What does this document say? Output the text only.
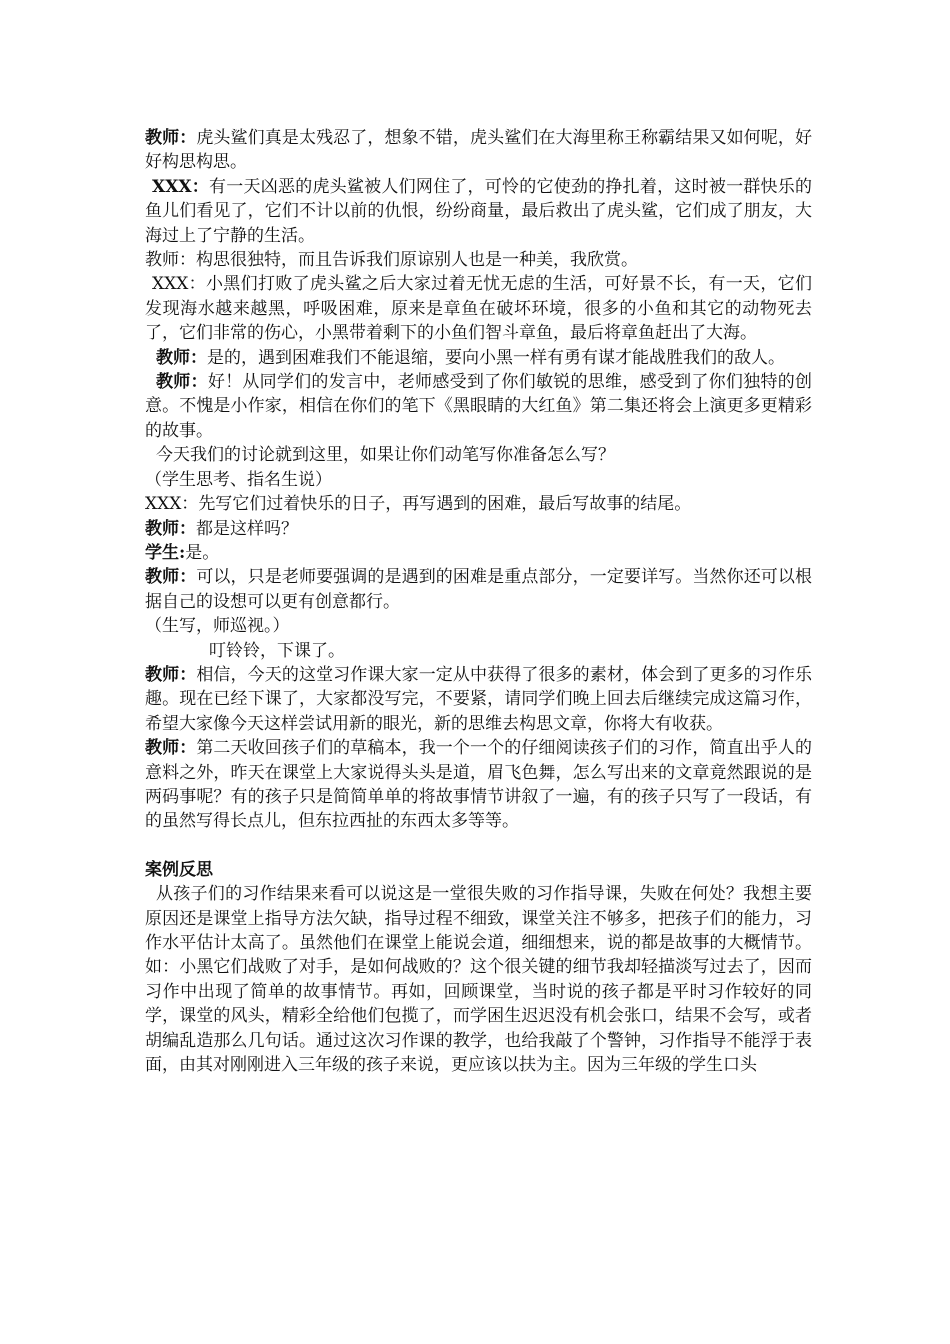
教师：虎头鲨们真是太残忍了，想象不错，虎头鲨们在大海里称王称霸结果又如何呢，好好构思构思。

XXX：有一天凶恶的虎头鲨被人们网住了，可怜的它使劲的挣扎着，这时被一群快乐的鱼儿们看见了，它们不计以前的仇恨，纷纷商量，最后救出了虎头鲨，它们成了朋友，大海过上了宁静的生活。

教师：构思很独特，而且告诉我们原谅别人也是一种美，我欣赏。

XXX：小黑们打败了虎头鲨之后大家过着无忧无虑的生活，可好景不长，有一天，它们发现海水越来越黑，呼吸困难，原来是章鱼在破坏环境，很多的小鱼和其它的动物死去了，它们非常的伤心，小黑带着剩下的小鱼们智斗章鱼，最后将章鱼赶出了大海。

教师：是的，遇到困难我们不能退缩，要向小黑一样有勇有谋才能战胜我们的敌人。

教师：好！从同学们的发言中，老师感受到了你们敏锐的思维，感受到了你们独特的创意。不愧是小作家，相信在你们的笔下《黑眼睛的大红鱼》第二集还将会上演更多更精彩的故事。

今天我们的讨论就到这里，如果让你们动笔写你准备怎么写？

（学生思考、指名生说）

XXX：先写它们过着快乐的日子，再写遇到的困难，最后写故事的结尾。

教师：都是这样吗？

学生:是。

教师：可以，只是老师要强调的是遇到的困难是重点部分，一定要详写。当然你还可以根据自己的设想可以更有创意都行。

（生写，师巡视。）

叮铃铃，下课了。

教师：相信，今天的这堂习作课大家一定从中获得了很多的素材，体会到了更多的习作乐趣。现在已经下课了，大家都没写完，不要紧，请同学们晚上回去后继续完成这篇习作，希望大家像今天这样尝试用新的眼光，新的思维去构思文章，你将大有收获。

教师：第二天收回孩子们的草稿本，我一个一个的仔细阅读孩子们的习作，简直出乎人的意料之外，昨天在课堂上大家说得头头是道，眉飞色舞，怎么写出来的文章竟然跟说的是两码事呢？有的孩子只是简简单单的将故事情节讲叙了一遍，有的孩子只写了一段话，有的虽然写得长点儿，但东拉西扯的东西太多等等。

案例反思

从孩子们的习作结果来看可以说这是一堂很失败的习作指导课，失败在何处？我想主要原因还是课堂上指导方法欠缺，指导过程不细致，课堂关注不够多，把孩子们的能力，习作水平估计太高了。虽然他们在课堂上能说会道，细细想来，说的都是故事的大概情节。如：小黑它们战败了对手，是如何战败的？这个很关键的细节我却轻描淡写过去了，因而习作中出现了简单的故事情节。再如，回顾课堂，当时说的孩子都是平时习作较好的同学，课堂的风头，精彩全给他们包揽了，而学困生迟迟没有机会张口，结果不会写，或者胡编乱造那么几句话。通过这次习作课的教学，也给我敲了个警钟，习作指导不能浮于表面，由其对刚刚进入三年级的孩子来说，更应该以扶为主。因为三年级的学生口头
